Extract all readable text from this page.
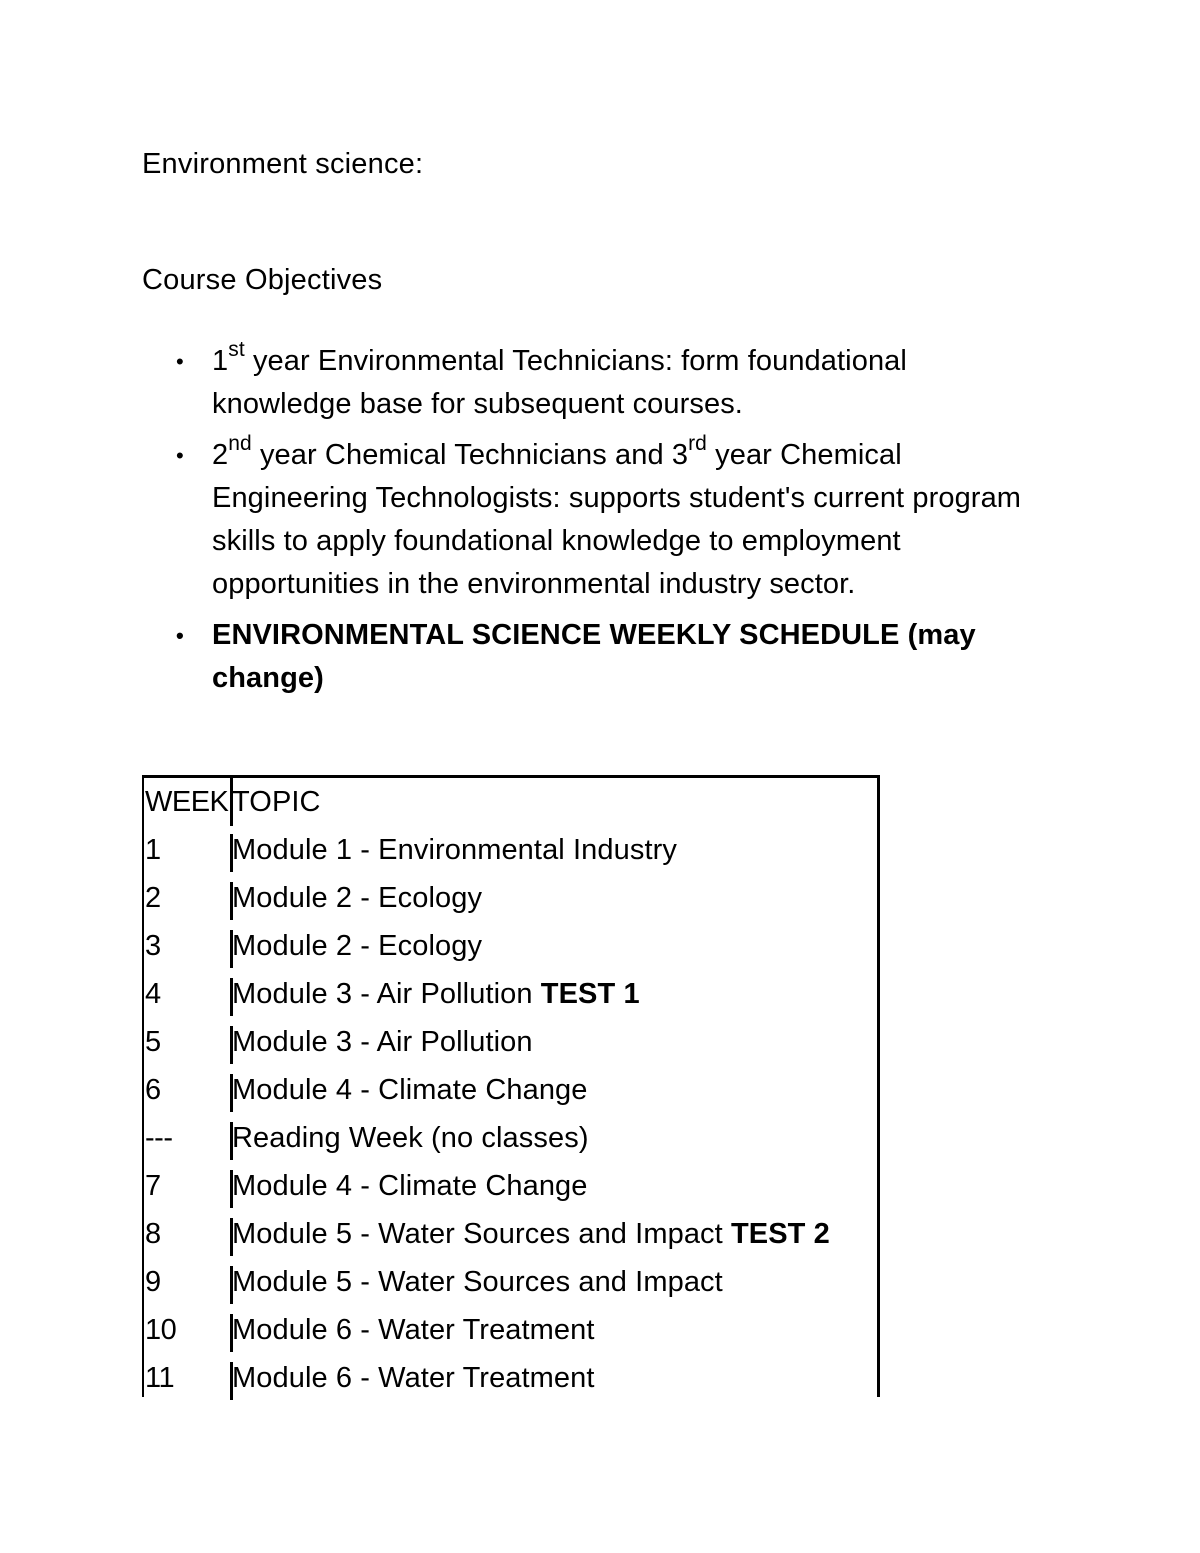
Environment science:
Course Objectives
• 1st year Environmental Technicians: form foundational knowledge base for subsequent courses.
• 2nd year Chemical Technicians and 3rd year Chemical Engineering Technologists: supports student's current program skills to apply foundational knowledge to employment opportunities in the environmental industry sector.
• ENVIRONMENTAL SCIENCE WEEKLY SCHEDULE (may change)
WEEK TOPIC
1 Module 1 - Environmental Industry
2 Module 2 - Ecology
3 Module 2 - Ecology
4 Module 3 - Air Pollution TEST 1
5 Module 3 - Air Pollution
6 Module 4 - Climate Change
--- Reading Week (no classes)
7 Module 4 - Climate Change
8 Module 5 - Water Sources and Impact TEST 2
9 Module 5 - Water Sources and Impact
10 Module 6 - Water Treatment
11 Module 6 - Water Treatment
